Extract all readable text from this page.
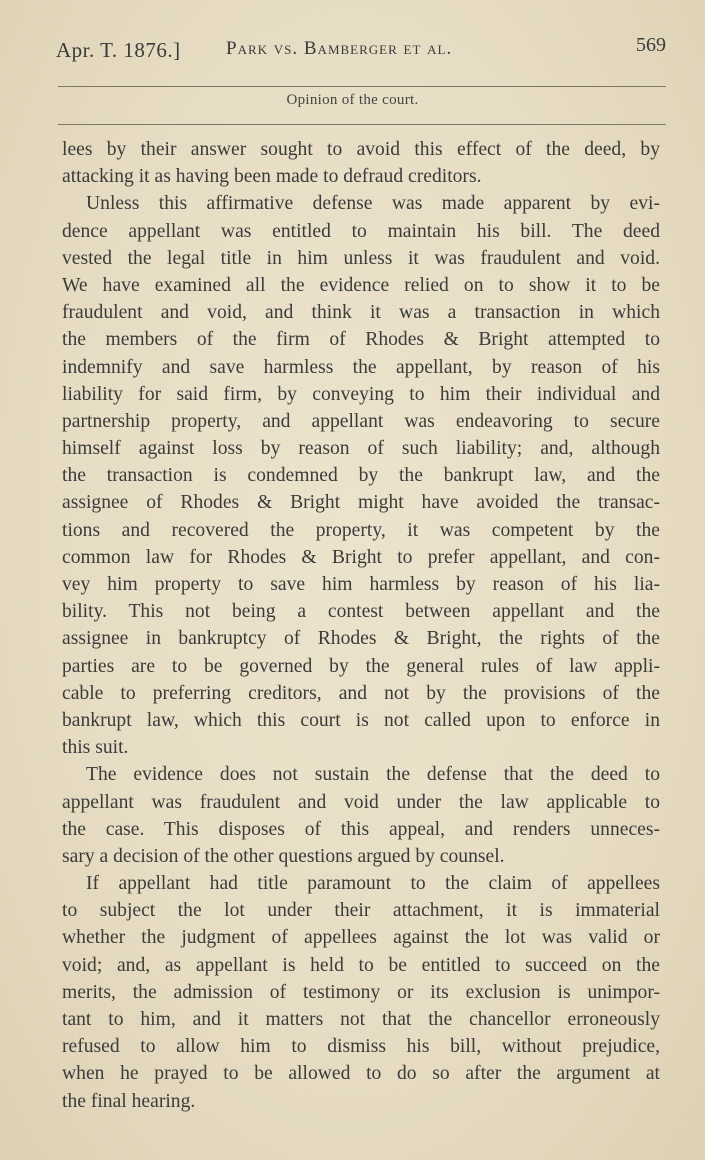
Apr. T. 1876.] Park vs. Bamberger et al.	569
Opinion of the court.
lees by their answer sought to avoid this effect of the deed, by
attacking it as having been made to defraud creditors.
Unless this affirmative defense was made apparent by evi-
dence appellant was entitled to maintain his bill. The deed
vested the legal title in him unless it was fraudulent and void.
We have examined all the evidence relied on to show it to be
fraudulent and void, and think it was a transaction in which
the members of the firm of Rhodes & Bright attempted to
indemnify and save harmless the appellant, by reason of his
liability for said firm, by conveying to him their individual and
partnership property, and appellant was endeavoring to secure
himself against loss by reason of such liability; and, although
the transaction is condemned by the bankrupt law, and the
assignee of Rhodes & Bright might have avoided the transac-
tions and recovered the property, it was competent by the
common law for Rhodes & Bright to prefer appellant, and con-
vey him property to save him harmless by reason of his lia-
bility. This not being a contest between appellant and the
assignee in bankruptcy of Rhodes & Bright, the rights of the
parties are to be governed by the general rules of law appli-
cable to preferring creditors, and not by the provisions of the
bankrupt law, which this court is not called upon to enforce in
this suit.
The evidence does not sustain the defense that the deed to
appellant was fraudulent and void under the law applicable to
the case. This disposes of this appeal, and renders unneces-
sary a decision of the other questions argued by counsel.
If appellant had title paramount to the claim of appellees
to subject the lot under their attachment, it is immaterial
whether the judgment of appellees against the lot was valid or
void; and, as appellant is held to be entitled to succeed on the
merits, the admission of testimony or its exclusion is unimpor-
tant to him, and it matters not that the chancellor erroneously
refused to allow him to dismiss his bill, without prejudice,
when he prayed to be allowed to do so after the argument at
the final hearing.
